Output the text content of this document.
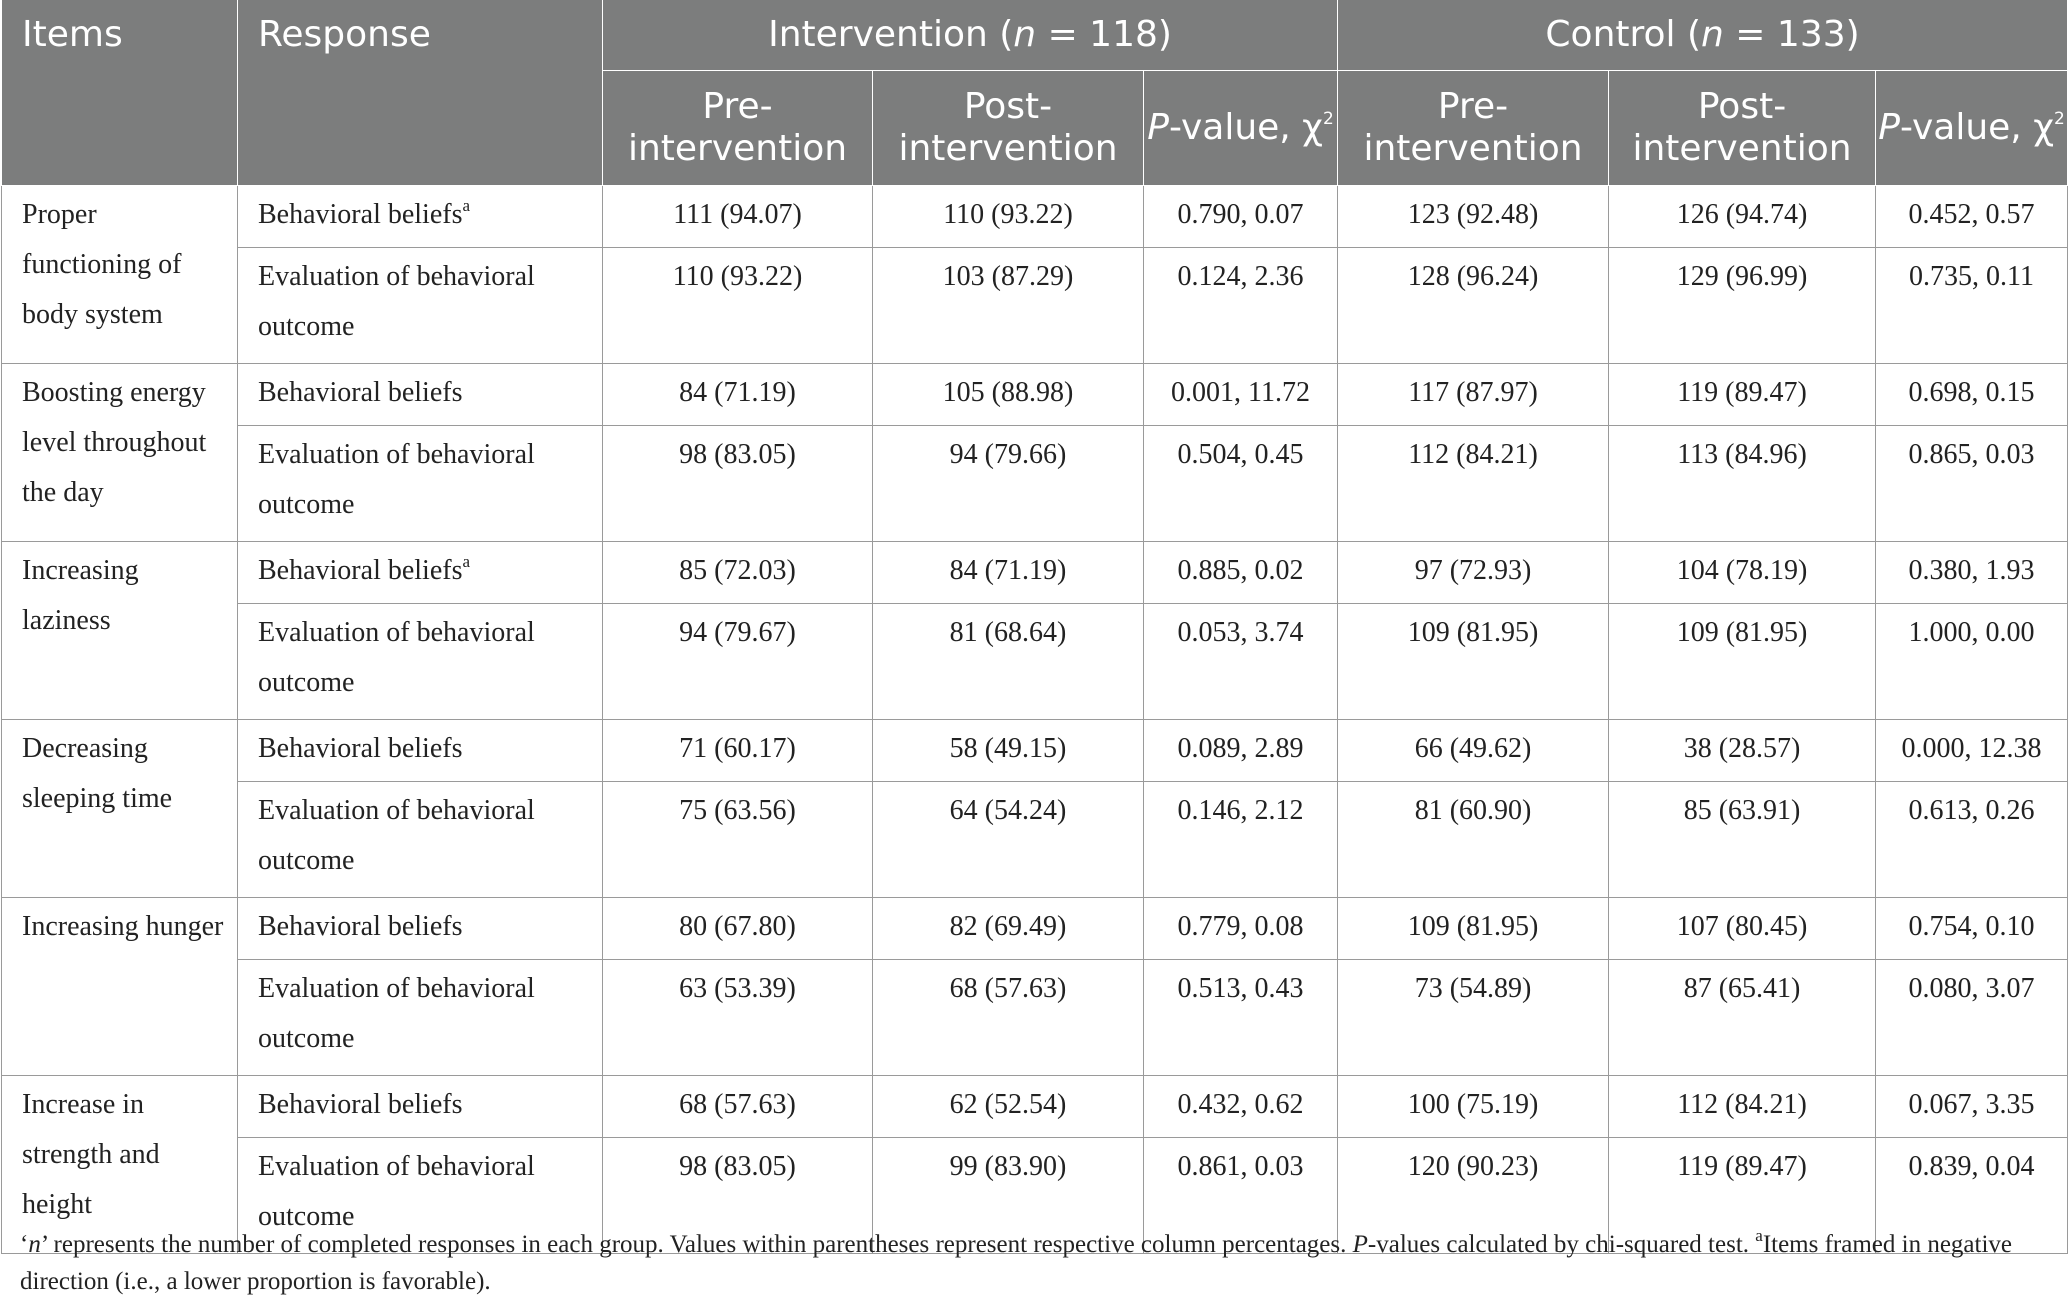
Items	Response	Intervention (n = 118)			Control (n = 133)		
		Pre-intervention	Post-intervention	P-value, $\chi^2$	Pre-intervention	Post-intervention	P-value, $\chi^2$
Proper functioning of body system	Behavioral beliefs$^a$	111 (94.07)	110 (93.22)	0.790, 0.07	123 (92.48)	126 (94.74)	0.452, 0.57
	Evaluation of behavioral outcome	110 (93.22)	103 (87.29)	0.124, 2.36	128 (96.24)	129 (96.99)	0.735, 0.11
Boosting energy level throughout the day	Behavioral beliefs	84 (71.19)	105 (88.98)	0.001, 11.72	117 (87.97)	119 (89.47)	0.698, 0.15
	Evaluation of behavioral outcome	98 (83.05)	94 (79.66)	0.504, 0.45	112 (84.21)	113 (84.96)	0.865, 0.03
Increasing laziness	Behavioral beliefs$^a$	85 (72.03)	84 (71.19)	0.885, 0.02	97 (72.93)	104 (78.19)	0.380, 1.93
	Evaluation of behavioral outcome	94 (79.67)	81 (68.64)	0.053, 3.74	109 (81.95)	109 (81.95)	1.000, 0.00
Decreasing sleeping time	Behavioral beliefs	71 (60.17)	58 (49.15)	0.089, 2.89	66 (49.62)	38 (28.57)	0.000, 12.38
	Evaluation of behavioral outcome	75 (63.56)	64 (54.24)	0.146, 2.12	81 (60.90)	85 (63.91)	0.613, 0.26
Increasing hunger	Behavioral beliefs	80 (67.80)	82 (69.49)	0.779, 0.08	109 (81.95)	107 (80.45)	0.754, 0.10
	Evaluation of behavioral outcome	63 (53.39)	68 (57.63)	0.513, 0.43	73 (54.89)	87 (65.41)	0.080, 3.07
Increase in strength and height	Behavioral beliefs	68 (57.63)	62 (52.54)	0.432, 0.62	100 (75.19)	112 (84.21)	0.067, 3.35
	Evaluation of behavioral outcome	98 (83.05)	99 (83.90)	0.861, 0.03	120 (90.23)	119 (89.47)	0.839, 0.04
‘n’ represents the number of completed responses in each group. Values within parentheses represent respective column percentages. P-values calculated by chi-squared test. $^a$Items framed in negative direction (i.e., a lower proportion is favorable).
